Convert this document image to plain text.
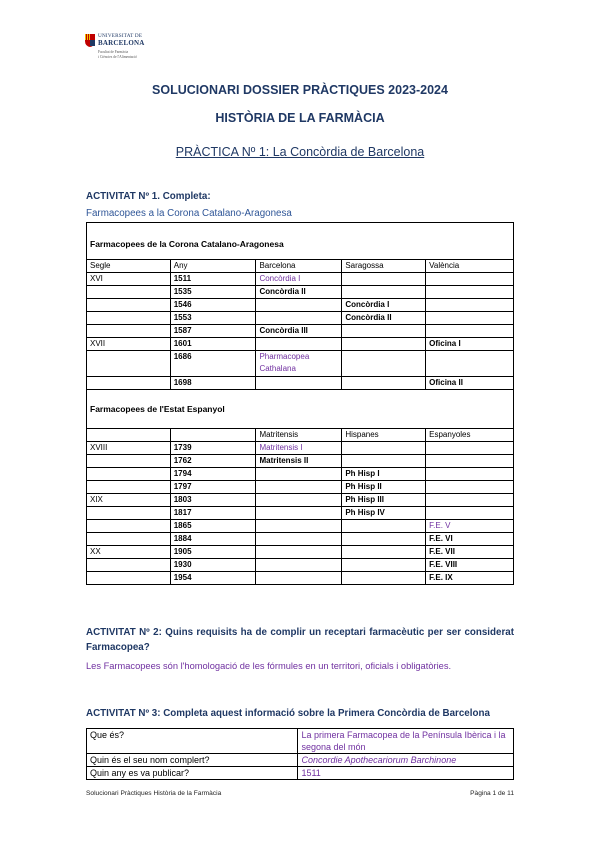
UNIVERSITAT DE
BARCELONA
Facultat de Farmàcia
i Ciències de l'Alimentació
SOLUCIONARI DOSSIER PRÀCTIQUES 2023-2024
HISTÒRIA DE LA FARMÀCIA
PRÀCTICA Nº 1: La Concòrdia de Barcelona
ACTIVITAT Nº 1. Completa:
Farmacopees a la Corona Catalano-Aragonesa
Farmacopees de la Corona Catalano-Aragonesa				
Segle	Any	Barcelona	Saragossa	València
XVI	1511	Concòrdia I		
	1535	Concòrdia II		
	1546		Concòrdia I	
	1553		Concòrdia II	
	1587	Concòrdia III		
XVII	1601			Oficina I
	1686	Pharmacopea Cathalana		
	1698			Oficina II
Farmacopees de l'Estat Espanyol				
		Matritensis	Hispanes	Espanyoles
XVIII	1739	Matritensis I		
	1762	Matritensis II		
	1794		Ph Hisp I	
	1797		Ph Hisp II	
XIX	1803		Ph Hisp III	
	1817		Ph Hisp IV	
	1865			F.E. V
	1884			F.E. VI
XX	1905			F.E. VII
	1930			F.E. VIII
	1954			F.E. IX
ACTIVITAT Nº 2: Quins requisits ha de complir un receptari farmacèutic per ser considerat Farmacopea?
Les Farmacopees són l'homologació de les fórmules en un territori, oficials i obligatòries.
ACTIVITAT Nº 3: Completa aquest informació sobre la Primera Concòrdia de Barcelona
Que és?	La primera Farmacopea de la Península Ibèrica i la segona del món
Quin és el seu nom complert?	Concordie Apothecariorum Barchinone
Quin any es va publicar?	1511
Solucionari Pràctiques Història de la Farmàcia	Pàgina 1 de 11
